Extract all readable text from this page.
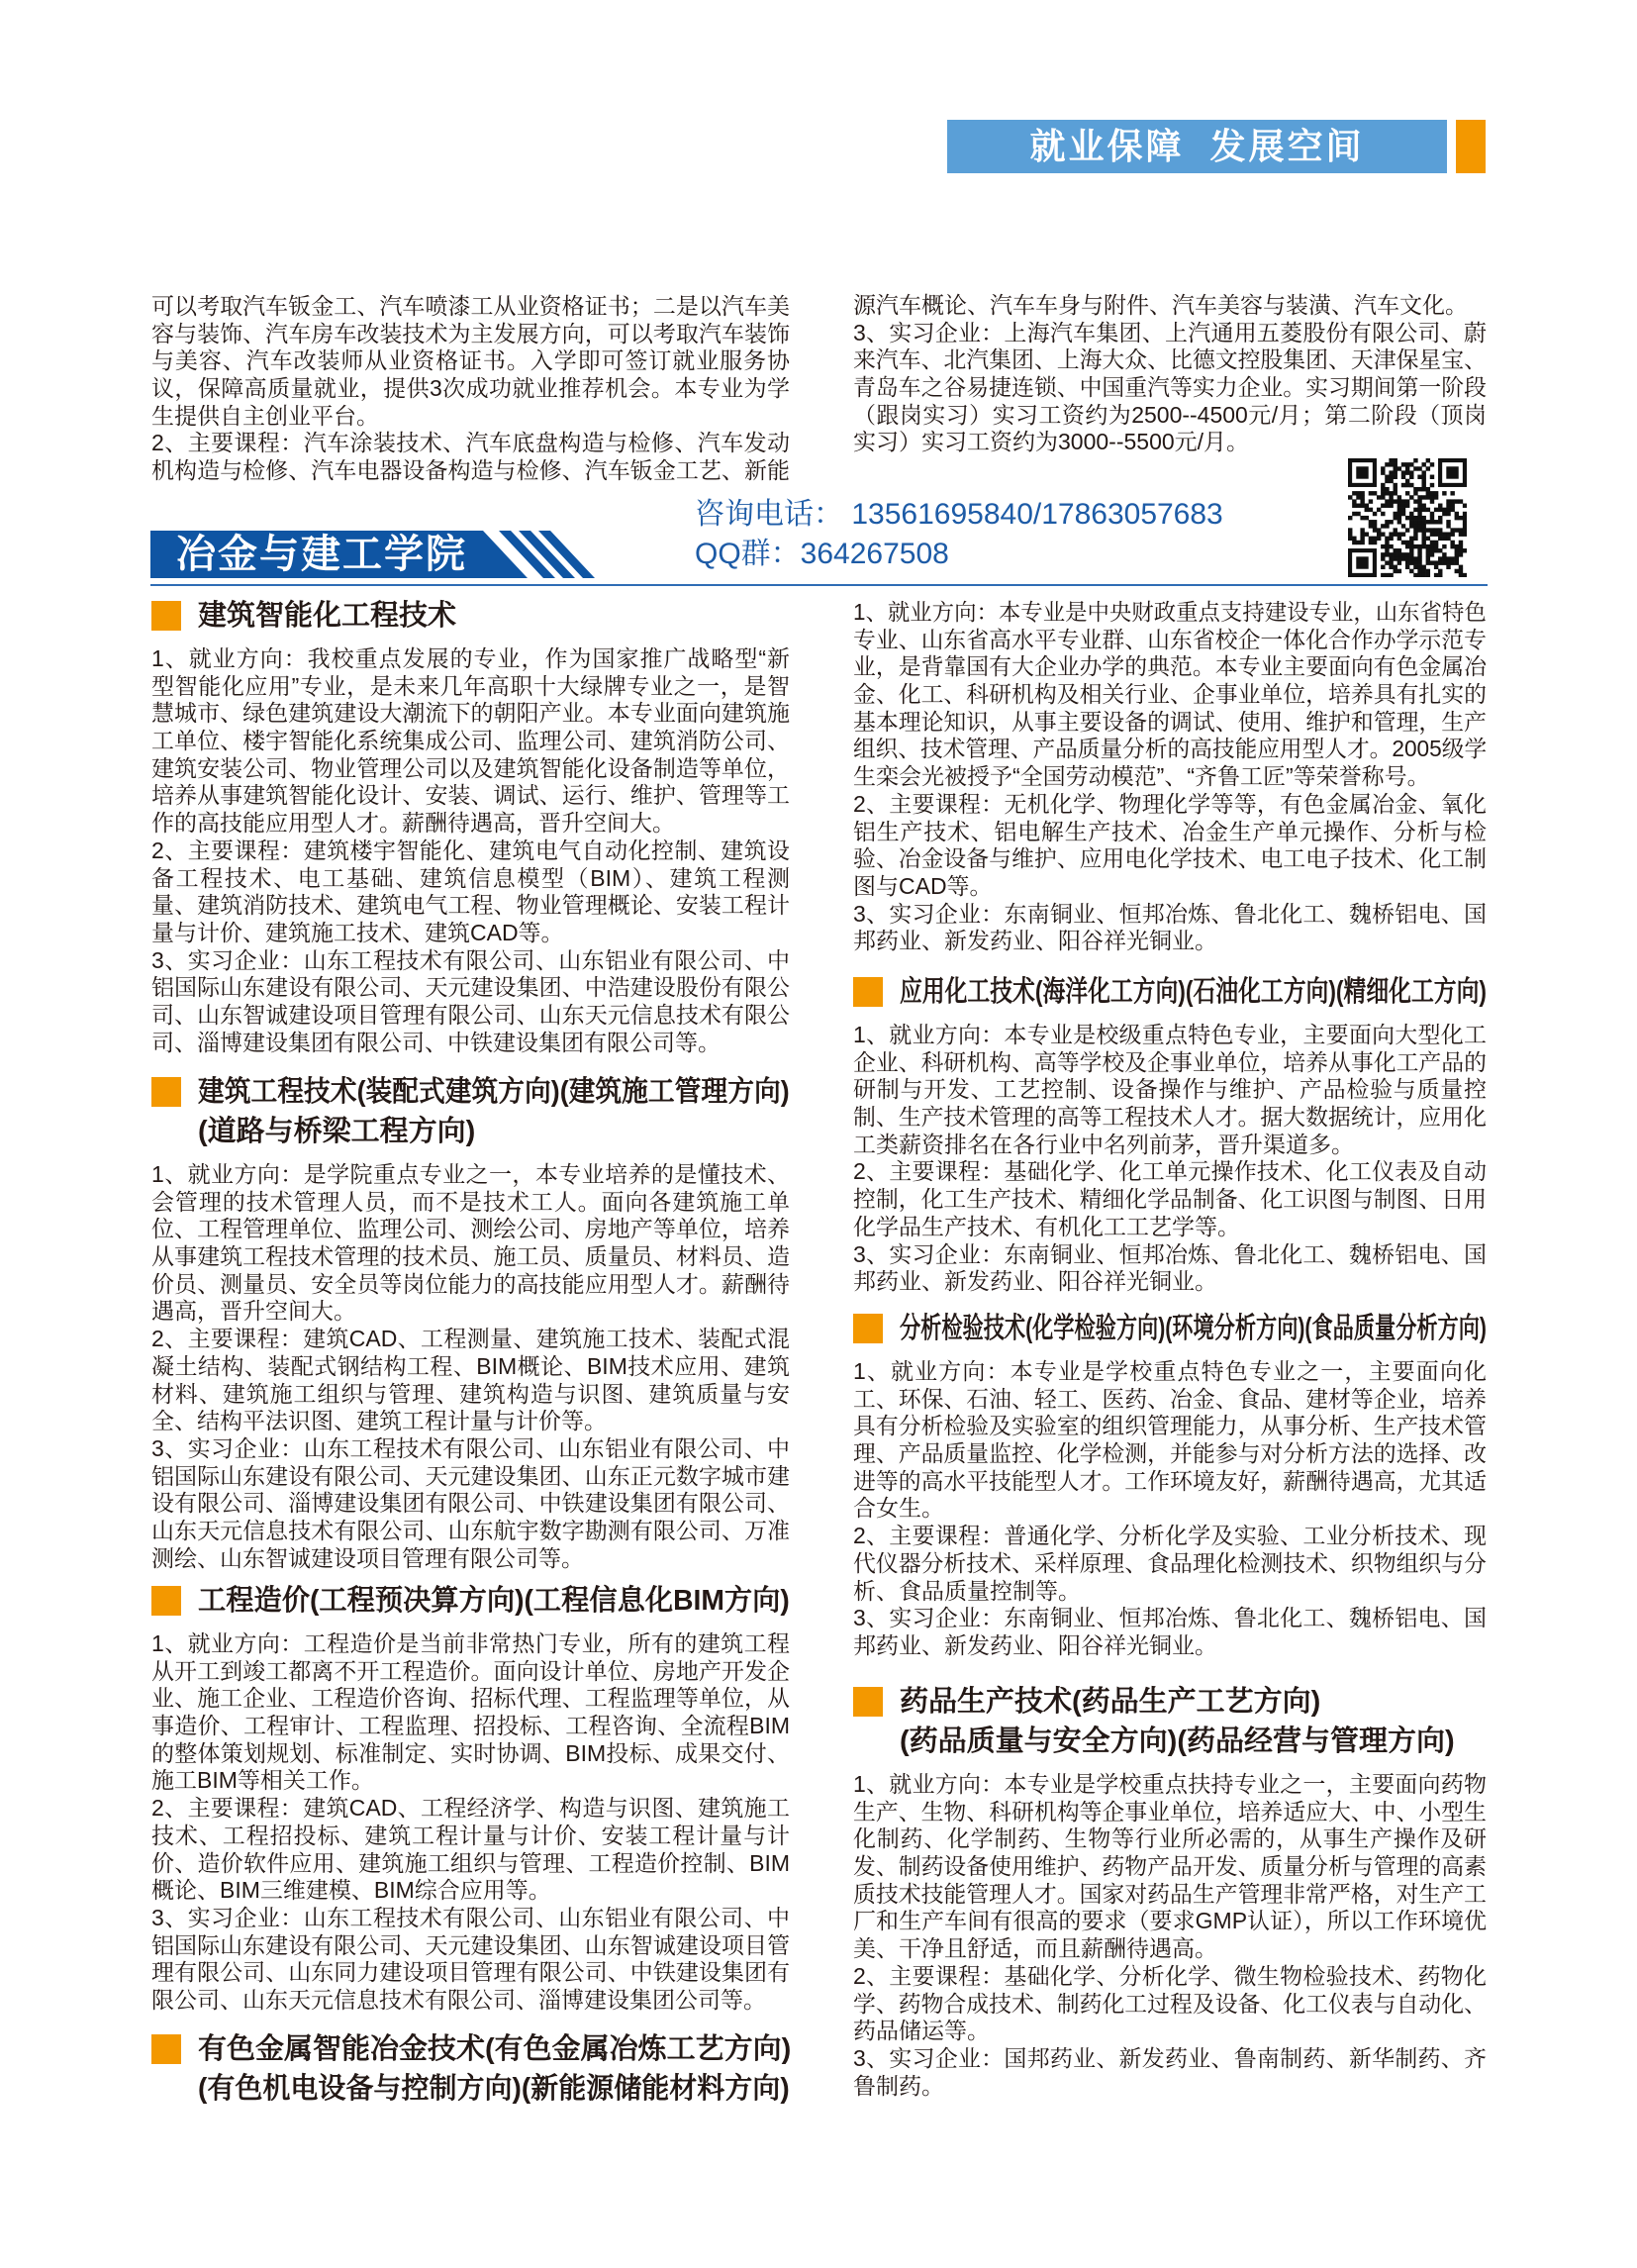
就业保障  发展空间
可以考取汽车钣金工、汽车喷漆工从业资格证书；二是以汽车美
容与装饰、汽车房车改装技术为主发展方向，可以考取汽车装饰
与美容、汽车改装师从业资格证书。入学即可签订就业服务协
议，保障高质量就业，提供3次成功就业推荐机会。本专业为学
生提供自主创业平台。
2、主要课程：汽车涂装技术、汽车底盘构造与检修、汽车发动
机构造与检修、汽车电器设备构造与检修、汽车钣金工艺、新能
源汽车概论、汽车车身与附件、汽车美容与装潢、汽车文化。
3、实习企业：上海汽车集团、上汽通用五菱股份有限公司、蔚
来汽车、北汽集团、上海大众、比德文控股集团、天津保星宝、
青岛车之谷易捷连锁、中国重汽等实力企业。实习期间第一阶段
（跟岗实习）实习工资约为2500--4500元/月；第二阶段（顶岗
实习）实习工资约为3000--5500元/月。
冶金与建工学院
咨询电话： 13561695840/17863057683
QQ群：364267508
建筑智能化工程技术
1、就业方向：我校重点发展的专业，作为国家推广战略型“新
型智能化应用”专业，是未来几年高职十大绿牌专业之一，是智
慧城市、绿色建筑建设大潮流下的朝阳产业。本专业面向建筑施
工单位、楼宇智能化系统集成公司、监理公司、建筑消防公司、
建筑安装公司、物业管理公司以及建筑智能化设备制造等单位，
培养从事建筑智能化设计、安装、调试、运行、维护、管理等工
作的高技能应用型人才。薪酬待遇高，晋升空间大。
2、主要课程：建筑楼宇智能化、建筑电气自动化控制、建筑设
备工程技术、电工基础、建筑信息模型（BIM）、建筑工程测
量、建筑消防技术、建筑电气工程、物业管理概论、安装工程计
量与计价、建筑施工技术、建筑CAD等。
3、实习企业：山东工程技术有限公司、山东铝业有限公司、中
铝国际山东建设有限公司、天元建设集团、中浩建设股份有限公
司、山东智诚建设项目管理有限公司、山东天元信息技术有限公
司、淄博建设集团有限公司、中铁建设集团有限公司等。
建筑工程技术(装配式建筑方向)(建筑施工管理方向)
(道路与桥梁工程方向)
1、就业方向：是学院重点专业之一，本专业培养的是懂技术、
会管理的技术管理人员，而不是技术工人。面向各建筑施工单
位、工程管理单位、监理公司、测绘公司、房地产等单位，培养
从事建筑工程技术管理的技术员、施工员、质量员、材料员、造
价员、测量员、安全员等岗位能力的高技能应用型人才。薪酬待
遇高，晋升空间大。
2、主要课程：建筑CAD、工程测量、建筑施工技术、装配式混
凝土结构、装配式钢结构工程、BIM概论、BIM技术应用、建筑
材料、建筑施工组织与管理、建筑构造与识图、建筑质量与安
全、结构平法识图、建筑工程计量与计价等。
3、实习企业：山东工程技术有限公司、山东铝业有限公司、中
铝国际山东建设有限公司、天元建设集团、山东正元数字城市建
设有限公司、淄博建设集团有限公司、中铁建设集团有限公司、
山东天元信息技术有限公司、山东航宇数字勘测有限公司、万准
测绘、山东智诚建设项目管理有限公司等。
工程造价(工程预决算方向)(工程信息化BIM方向)
1、就业方向：工程造价是当前非常热门专业，所有的建筑工程
从开工到竣工都离不开工程造价。面向设计单位、房地产开发企
业、施工企业、工程造价咨询、招标代理、工程监理等单位，从
事造价、工程审计、工程监理、招投标、工程咨询、全流程BIM
的整体策划规划、标准制定、实时协调、BIM投标、成果交付、
施工BIM等相关工作。
2、主要课程：建筑CAD、工程经济学、构造与识图、建筑施工
技术、工程招投标、建筑工程计量与计价、安装工程计量与计
价、造价软件应用、建筑施工组织与管理、工程造价控制、BIM
概论、BIM三维建模、BIM综合应用等。
3、实习企业：山东工程技术有限公司、山东铝业有限公司、中
铝国际山东建设有限公司、天元建设集团、山东智诚建设项目管
理有限公司、山东同力建设项目管理有限公司、中铁建设集团有
限公司、山东天元信息技术有限公司、淄博建设集团公司等。
有色金属智能冶金技术(有色金属冶炼工艺方向)
(有色机电设备与控制方向)(新能源储能材料方向)
1、就业方向：本专业是中央财政重点支持建设专业，山东省特色
专业、山东省高水平专业群、山东省校企一体化合作办学示范专
业，是背靠国有大企业办学的典范。本专业主要面向有色金属冶
金、化工、科研机构及相关行业、企事业单位，培养具有扎实的
基本理论知识，从事主要设备的调试、使用、维护和管理，生产
组织、技术管理、产品质量分析的高技能应用型人才。2005级学
生栾会光被授予“全国劳动模范”、“齐鲁工匠”等荣誉称号。
2、主要课程：无机化学、物理化学等等，有色金属冶金、氧化
铝生产技术、铝电解生产技术、冶金生产单元操作、分析与检
验、冶金设备与维护、应用电化学技术、电工电子技术、化工制
图与CAD等。
3、实习企业：东南铜业、恒邦冶炼、鲁北化工、魏桥铝电、国
邦药业、新发药业、阳谷祥光铜业。
应用化工技术(海洋化工方向)(石油化工方向)(精细化工方向)
1、就业方向：本专业是校级重点特色专业，主要面向大型化工
企业、科研机构、高等学校及企事业单位，培养从事化工产品的
研制与开发、工艺控制、设备操作与维护、产品检验与质量控
制、生产技术管理的高等工程技术人才。据大数据统计，应用化
工类薪资排名在各行业中名列前茅，晋升渠道多。
2、主要课程：基础化学、化工单元操作技术、化工仪表及自动
控制，化工生产技术、精细化学品制备、化工识图与制图、日用
化学品生产技术、有机化工工艺学等。
3、实习企业：东南铜业、恒邦冶炼、鲁北化工、魏桥铝电、国
邦药业、新发药业、阳谷祥光铜业。
分析检验技术(化学检验方向)(环境分析方向)(食品质量分析方向)
1、就业方向：本专业是学校重点特色专业之一，主要面向化
工、环保、石油、轻工、医药、冶金、食品、建材等企业，培养
具有分析检验及实验室的组织管理能力，从事分析、生产技术管
理、产品质量监控、化学检测，并能参与对分析方法的选择、改
进等的高水平技能型人才。工作环境友好，薪酬待遇高，尤其适
合女生。
2、主要课程：普通化学、分析化学及实验、工业分析技术、现
代仪器分析技术、采样原理、食品理化检测技术、织物组织与分
析、食品质量控制等。
3、实习企业：东南铜业、恒邦冶炼、鲁北化工、魏桥铝电、国
邦药业、新发药业、阳谷祥光铜业。
药品生产技术(药品生产工艺方向)
(药品质量与安全方向)(药品经营与管理方向)
1、就业方向：本专业是学校重点扶持专业之一，主要面向药物
生产、生物、科研机构等企事业单位，培养适应大、中、小型生
化制药、化学制药、生物等行业所必需的，从事生产操作及研
发、制药设备使用维护、药物产品开发、质量分析与管理的高素
质技术技能管理人才。国家对药品生产管理非常严格，对生产工
厂和生产车间有很高的要求（要求GMP认证），所以工作环境优
美、干净且舒适，而且薪酬待遇高。
2、主要课程：基础化学、分析化学、微生物检验技术、药物化
学、药物合成技术、制药化工过程及设备、化工仪表与自动化、
药品储运等。
3、实习企业：国邦药业、新发药业、鲁南制药、新华制药、齐
鲁制药。
